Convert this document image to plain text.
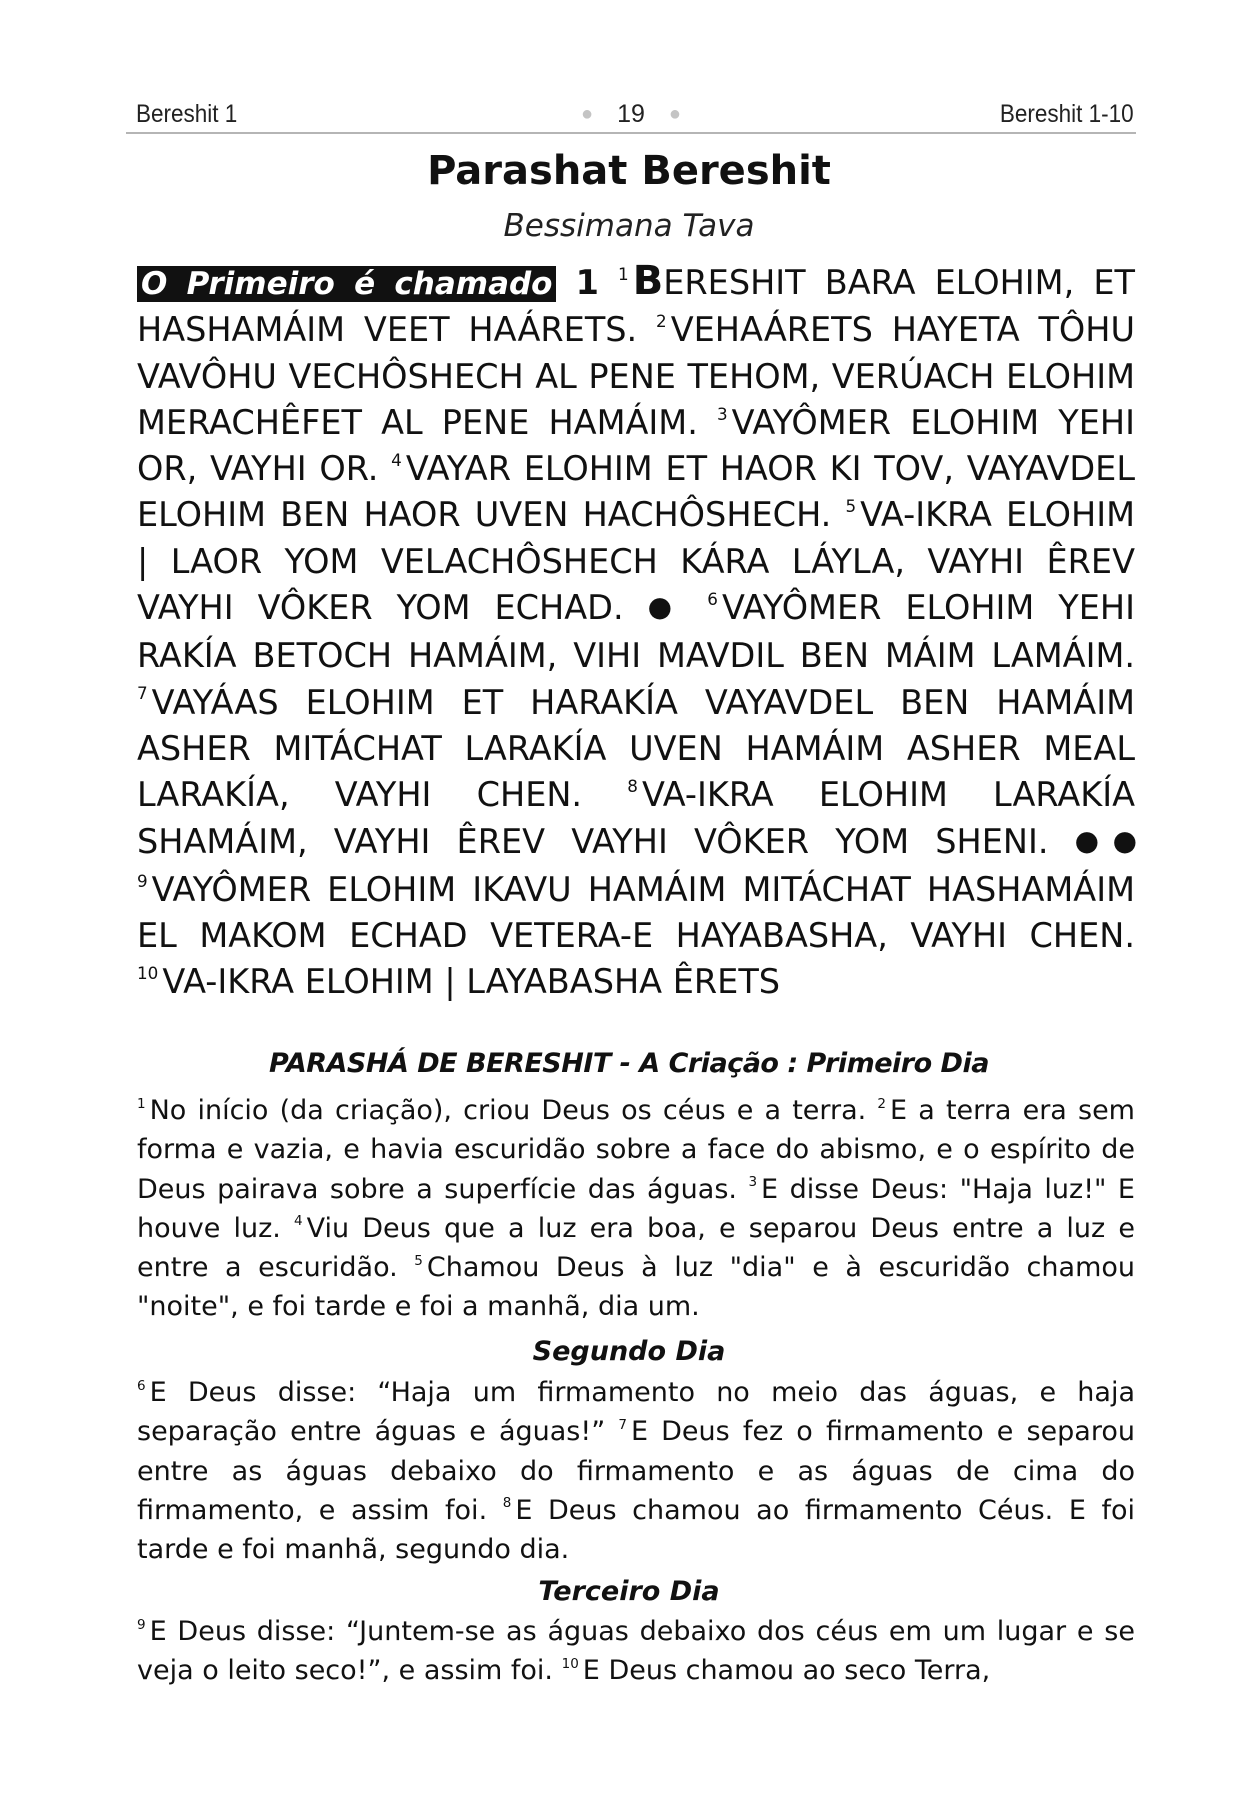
Bereshit 1	● 19 ●	Bereshit 1-10
Parashat Bereshit
Bessimana Tava
O Primeiro é chamado 1 $^1$ BERESHIT BARA ELOHIM, ET HASHAMÁIM VEET HAÁRETS. $^2$ VEHAÁRETS HAYETA TÔHU VAVÔHU VECHÔSHECH AL PENE TEHOM, VERÚACH ELOHIM MERACHÊFET AL PENE HAMÁIM. $^3$ VAYÔMER ELOHIM YEHI OR, VAYHI OR. $^4$ VAYAR ELOHIM ET HAOR KI TOV, VAYAVDEL ELOHIM BEN HAOR UVEN HACHÔSHECH. $^5$ VA-IKRA ELOHIM | LAOR YOM VELACHÔSHECH KÁRA LÁYLA, VAYHI ÊREV VAYHI VÔKER YOM ECHAD. ● $^6$ VAYÔMER ELOHIM YEHI RAKÍA BETOCH HAMÁIM, VIHI MAVDIL BEN MÁIM LAMÁIM. $^7$ VAYÁAS ELOHIM ET HARAKÍA VAYAVDEL BEN HAMÁIM ASHER MITÁCHAT LARAKÍA UVEN HAMÁIM ASHER MEAL LARAKÍA, VAYHI CHEN.	$^8$ VA-IKRA ELOHIM LARAKÍA SHAMÁIM, VAYHI ÊREV VAYHI VÔKER YOM SHENI. ●● $^9$ VAYÔMER ELOHIM IKAVU HAMÁIM MITÁCHAT HASHAMÁIM EL MAKOM ECHAD VETERA-E HAYABASHA, VAYHI CHEN. $^{10}$ VA-IKRA ELOHIM | LAYABASHA ÊRETS
PARASHÁ DE BERESHIT - A Criação : Primeiro Dia
$^1$ No início (da criação), criou Deus os céus e a terra. $^2$ E a terra era sem forma e vazia, e havia escuridão sobre a face do abismo, e o espírito de Deus pairava sobre a superfície das águas. $^3$ E disse Deus: "Haja luz!" E houve luz. $^4$ Viu Deus que a luz era boa, e separou Deus entre a luz e entre a escuridão. $^5$ Chamou Deus à luz "dia" e à escuridão chamou "noite", e foi tarde e foi a manhã, dia um.
Segundo Dia
$^6$ E Deus disse: “Haja um firmamento no meio das águas, e haja separação entre águas e águas!” $^7$ E Deus fez o firmamento e separou entre as águas debaixo do firmamento e as águas de cima do firmamento, e assim foi. $^8$ E Deus chamou ao firmamento Céus. E foi tarde e foi manhã, segundo dia.
Terceiro Dia
$^9$ E Deus disse: “Juntem-se as águas debaixo dos céus em um lugar e se veja o leito seco!”, e assim foi. $^{10}$ E Deus chamou ao seco Terra,
